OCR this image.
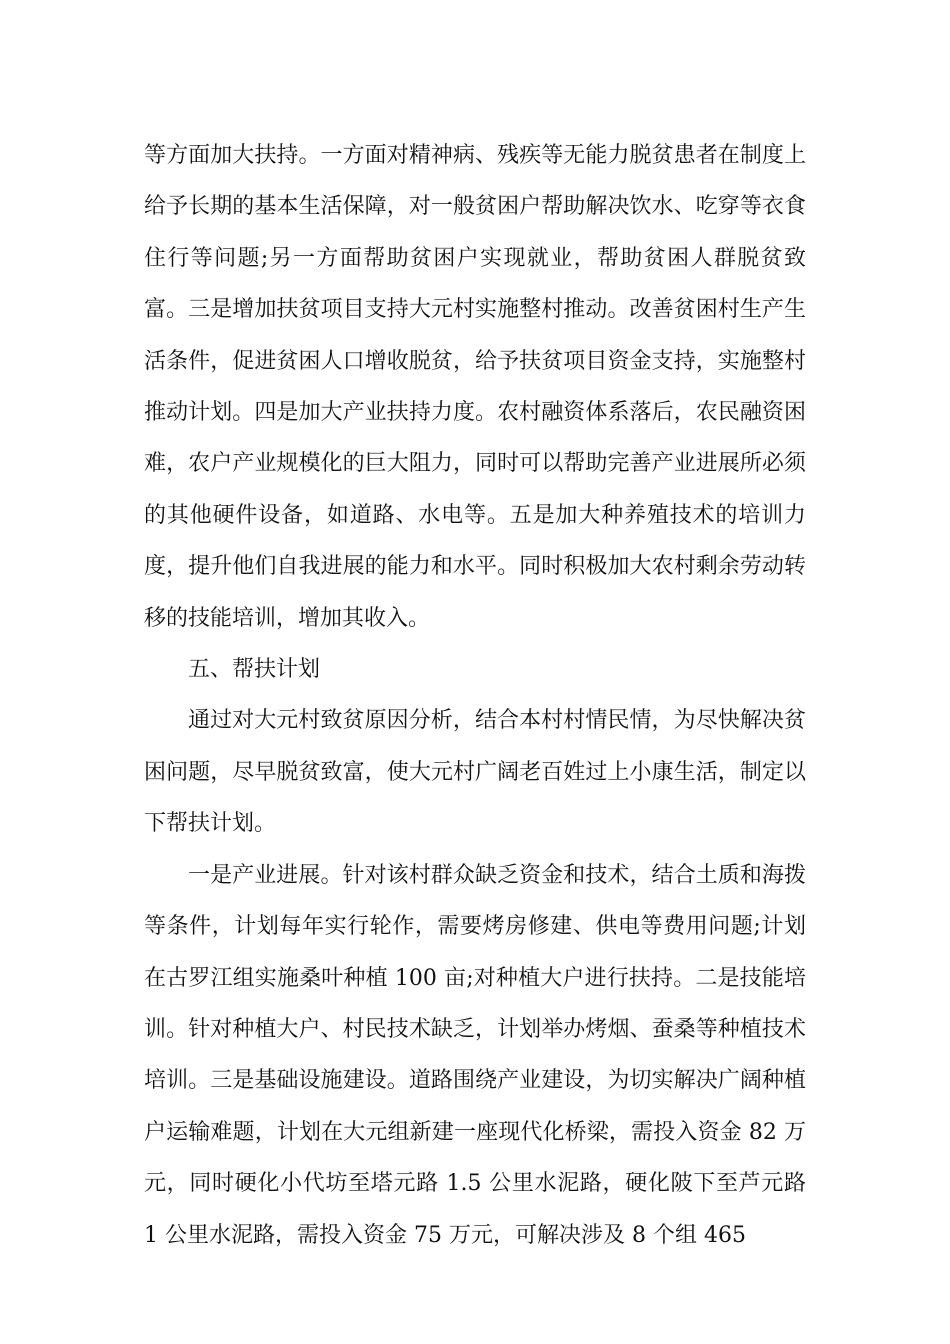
等方面加大扶持。一方面对精神病、残疾等无能力脱贫患者在制度上给予长期的基本生活保障，对一般贫困户帮助解决饮水、吃穿等衣食住行等问题;另一方面帮助贫困户实现就业，帮助贫困人群脱贫致富。三是增加扶贫项目支持大元村实施整村推动。改善贫困村生产生活条件，促进贫困人口增收脱贫，给予扶贫项目资金支持，实施整村推动计划。四是加大产业扶持力度。农村融资体系落后，农民融资困难，农户产业规模化的巨大阻力，同时可以帮助完善产业进展所必须的其他硬件设备，如道路、水电等。五是加大种养殖技术的培训力度，提升他们自我进展的能力和水平。同时积极加大农村剩余劳动转移的技能培训，增加其收入。

五、帮扶计划

通过对大元村致贫原因分析，结合本村村情民情，为尽快解决贫困问题，尽早脱贫致富，使大元村广阔老百姓过上小康生活，制定以下帮扶计划。

一是产业进展。针对该村群众缺乏资金和技术，结合土质和海拨等条件，计划每年实行轮作，需要烤房修建、供电等费用问题;计划在古罗江组实施桑叶种植 100 亩;对种植大户进行扶持。二是技能培训。针对种植大户、村民技术缺乏，计划举办烤烟、蚕桑等种植技术培训。三是基础设施建设。道路围绕产业建设，为切实解决广阔种植户运输难题，计划在大元组新建一座现代化桥梁，需投入资金 82 万元，同时硬化小代坊至塔元路 1.5 公里水泥路，硬化陂下至芦元路 1 公里水泥路，需投入资金 75 万元，可解决涉及 8 个组 465
